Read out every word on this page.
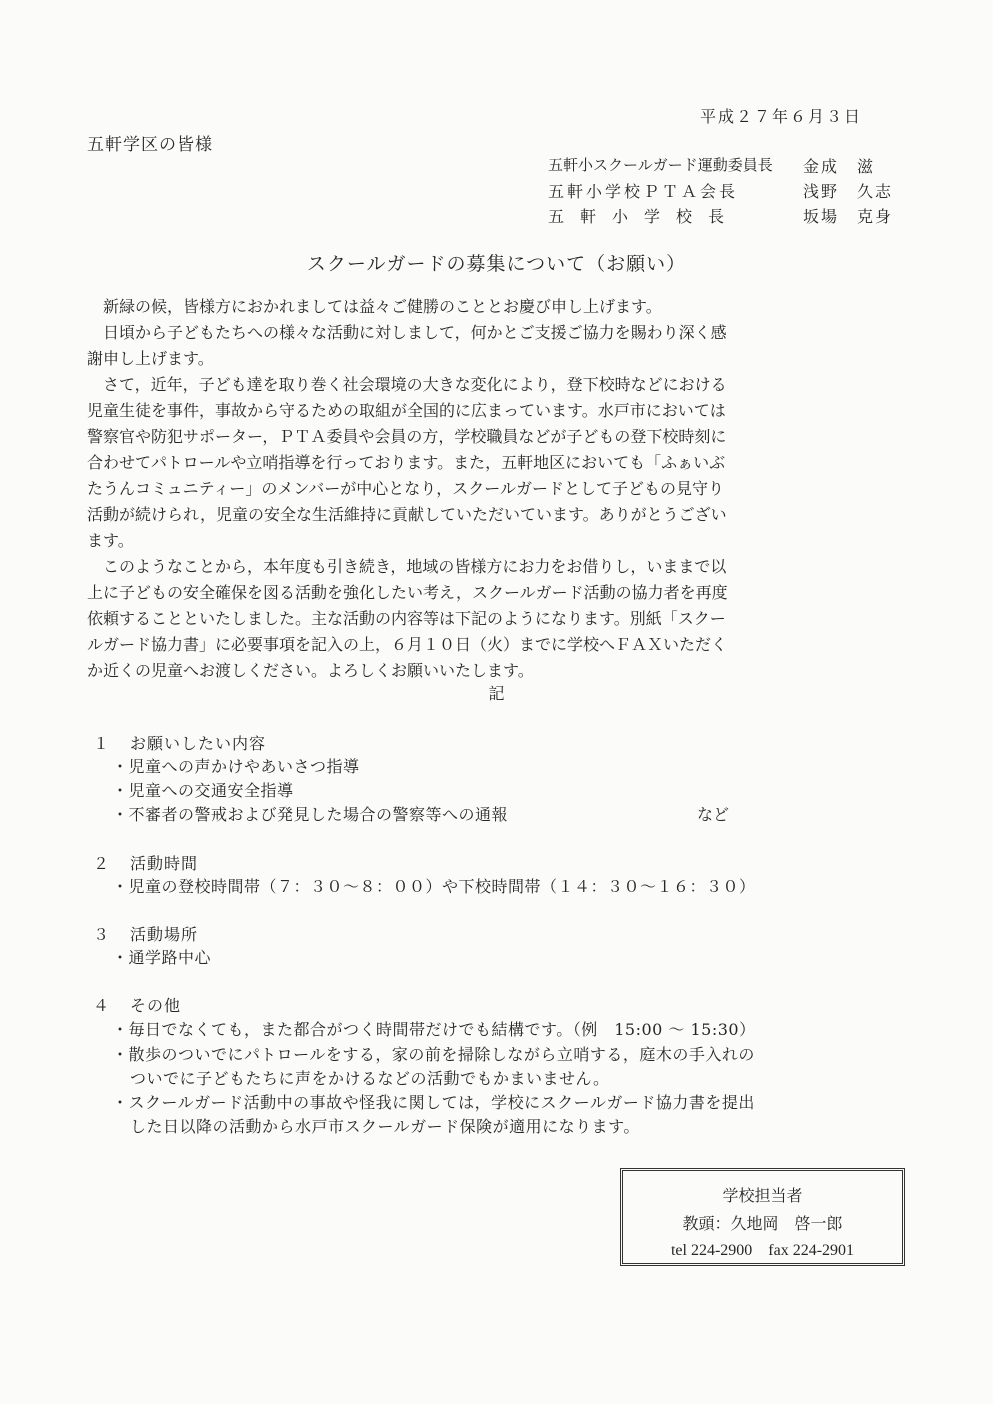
平成２７年６月３日
五軒学区の皆様
五軒小スクールガード運動委員長	金成　滋
五軒小学校ＰＴＡ会長	浅野　久志
五軒小学校長	坂場　克身
スクールガードの募集について（お願い）
新緑の候，皆様方におかれましては益々ご健勝のこととお慶び申し上げます。
日頃から子どもたちへの様々な活動に対しまして，何かとご支援ご協力を賜わり深く感
謝申し上げます。
さて，近年，子ども達を取り巻く社会環境の大きな変化により，登下校時などにおける
児童生徒を事件，事故から守るための取組が全国的に広まっています。水戸市においては
警察官や防犯サポーター，ＰＴＡ委員や会員の方，学校職員などが子どもの登下校時刻に
合わせてパトロールや立哨指導を行っております。また，五軒地区においても「ふぁいぶ
たうんコミュニティー」のメンバーが中心となり，スクールガードとして子どもの見守り
活動が続けられ，児童の安全な生活維持に貢献していただいています。ありがとうござい
ます。
このようなことから，本年度も引き続き，地域の皆様方にお力をお借りし，いままで以
上に子どもの安全確保を図る活動を強化したい考え，スクールガード活動の協力者を再度
依頼することといたしました。主な活動の内容等は下記のようになります。別紙「スクー
ルガード協力書」に必要事項を記入の上，６月１０日（火）までに学校へＦＡＸいただく
か近くの児童へお渡しください。よろしくお願いいたします。
記
１ お願いしたい内容
・児童への声かけやあいさつ指導
・児童への交通安全指導
・不審者の警戒および発見した場合の警察等への通報	など
２ 活動時間
・児童の登校時間帯（７：３０～８：００）や下校時間帯（１４：３０～１６：３０）
３ 活動場所
・通学路中心
４ その他
・毎日でなくても，また都合がつく時間帯だけでも結構です。（例　15:00 ～ 15:30）
・散歩のついでにパトロールをする，家の前を掃除しながら立哨する，庭木の手入れの
ついでに子どもたちに声をかけるなどの活動でもかまいません。
・スクールガード活動中の事故や怪我に関しては，学校にスクールガード協力書を提出
した日以降の活動から水戸市スクールガード保険が適用になります。
学校担当者
教頭：久地岡　啓一郎
tel 224-2900　fax 224-2901
